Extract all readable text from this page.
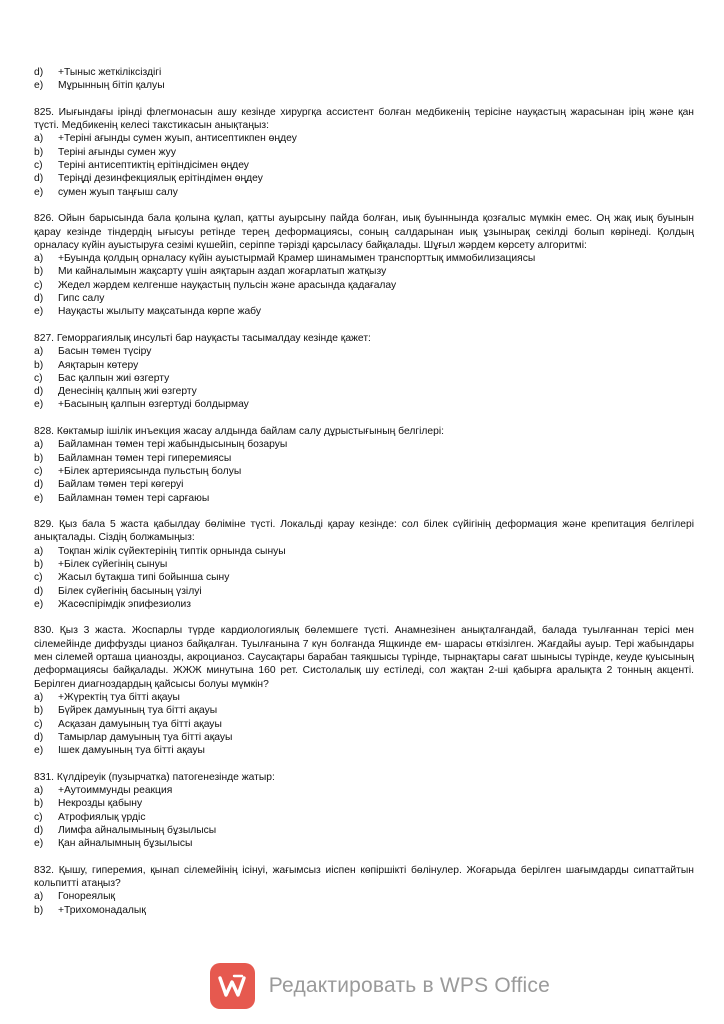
d)	+Тыныс жеткіліксіздігі
e)	Мұрынның бітіп қалуы
825. Иығындағы ірінді флегмонасын ашу кезінде хирургқа ассистент болған медбикенің терісіне науқастың жарасынан ірің және қан түсті. Медбикенің келесі такстикасын анықтаңыз:
a)	+Теріні ағынды сумен жуып, антисептикпен өңдеу
b)	Теріні ағынды сумен жуу
c)	Теріні антисептиктің ерітіндісімен өңдеу
d)	Теріңді дезинфекциялық ерітіндімен өңдеу
e)	сумен жуып таңғыш салу
826. Ойын барысында бала қолына құлап, қатты ауырсыну пайда болған, иық буыннында қозғалыс мүмкін емес. Оң жақ иық буынын қарау кезінде тіндердің ығысуы ретінде терең деформациясы, соның салдарынан иық ұзынырақ секілді болып көрінеді. Қолдың орналасу күйін ауыстыруға сезімі күшейіп, серіппе тәрізді қарсыласу байқалады. Шұғыл жәрдем көрсету алгоритмі:
a)	+Буында қолдың орналасу күйін ауыстырмай Крамер шинамымен транспорттық иммобилизациясы
b)	Ми кайналымын жақсарту үшін аяқтарын аздап жоғарлатып жатқызу
c)	Жедел жәрдем келгенше науқастың пульсін және арасында қадағалау
d)	Гипс салу
e)	Науқасты жылыту мақсатында көрпе жабу
827. Геморрагиялық инсульті бар науқасты тасымалдау кезінде қажет:
a)	Басын төмен түсіру
b)	Аяқтарын көтеру
c)	Бас қалпын жиі өзгерту
d)	Денесінің қалпың жиі өзгерту
e)	+Басының қалпын өзгертуді болдырмау
828. Көктамыр ішілік инъекция жасау алдында байлам салу дұрыстығының белгілері:
a)	Байламнан төмен тері жабындысының бозаруы
b)	Байламнан төмен тері гиперемиясы
c)	+Білек артериясында пульстың болуы
d)	Байлам төмен тері көгеруі
e)	Байламнан төмен тері сарғаюы
829. Қыз бала 5 жаста қабылдау бөліміне түсті. Локальді қарау кезінде: сол білек сүйігінің деформация және крепитация белгілері анықталады. Сіздің болжамыңыз:
a)	Тоқпан жілік сүйектерінің типтік орнында сынуы
b)	+Білек сүйегінің сынуы
c)	Жасыл бұтақша типі бойынша сыну
d)	Білек сүйегінің басының үзілуі
e)	Жасөспірімдік эпифезиолиз
830. Қыз 3 жаста. Жоспарлы түрде кардиологиялық бөлемшеге түсті. Анамнезінен анықталғандай, балада туылғаннан терісі мен сілемейінде диффузды цианоз байқалған. Туылғанына 7 күн болғанда Ящкинде ем- шарасы өткізілген. Жағдайы ауыр. Тері жабындары мен сілемей орташа цианозды, акроцианоз. Саусақтары барабан таяқшысы түрінде, тырнақтары сағат шынысы түрінде, кеуде қуысының деформациясы байқалады. ЖЖЖ минутына 160 рет. Систолалық шу естіледі, сол жақтан 2-ші қабырға аралықта 2 тонның акценті. Берілген диагноздардың қайсысы болуы мүмкін?
a)	+Жүректің туа бітті ақауы
b)	Бүйрек дамуының туа бітті ақауы
c)	Асқазан дамуының туа бітті ақауы
d)	Тамырлар дамуының туа бітті ақауы
e)	Ішек дамуының туа бітті ақауы
831. Күлдіреуік (пузырчатка) патогенезінде жатыр:
a)	+Аутоиммунды реакция
b)	Некрозды қабыну
c)	Атрофиялық үрдіс
d)	Лимфа айналымының бұзылысы
e)	Қан айналымның бұзылысы
832. Қышу, гиперемия, қынап сілемейінің ісінуі, жағымсыз иіспен көпіршікті бөлінулер. Жоғарыда берілген шағымдарды сипаттайтын кольпитті атаңыз?
a)	Гонореялық
b)	+Трихомонадалық
Редактировать в WPS Office
